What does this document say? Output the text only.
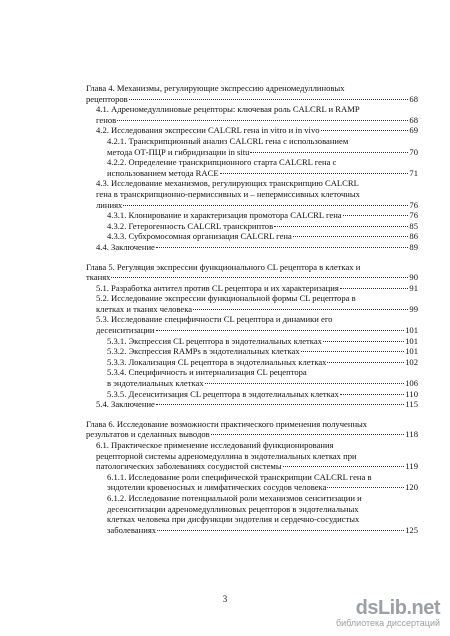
Глава 4. Механизмы, регулирующие экспрессию адреномедуллиновых
рецепторов	68
4.1. Адреномедуллиновые рецепторы: ключевая роль CALCRL и RAMP
генов	68
4.2. Исследования экспрессии CALCRL гена in vitro и in vivo	69
4.2.1. Транскрипционный анализ CALCRL гена с использованием
метода ОТ-ПЦР и гибридизации in situ	70
4.2.2. Определение транскрипционного старта CALCRL гена с
использованием метода RACE	71
4.3. Исследование механизмов, регулирующих транскрипцию CALCRL
гена в транскрипционно-пермиссивных и – непермиссивных клеточных
линиях	76
4.3.1. Клонирование и характеризация промотора CALCRL гена	76
4.3.2. Гетерогенность CALCRL транскриптов	85
4.3.3. Субхромосомная организация CALCRL гена	86
4.4. Заключение	89
Глава 5. Регуляция экспрессии функционального CL рецептора в клетках и
тканях	90
5.1. Разработка антител против CL рецептора и их характеризация	91
5.2. Исследование экспрессии функциональной формы CL рецептора в
клетках и тканях человека	99
5.3. Исследование специфичности CL рецептора и динамики его
десенситизации	101
5.3.1. Экспрессия CL рецептора в эндотелиальных клетках	101
5.3.2. Экспрессия RAMPs в эндотелиальных клетках	101
5.3.3. Локализация CL рецептора в эндотелиальных клетках	102
5.3.4. Специфичность и интернализация CL рецептора
в эндотелиальных клетках	106
5.3.5. Десенситизация CL рецептора в эндотелиальных клетках	110
5.4. Заключение	115
Глава 6. Исследование возможности практического применения полученных
результатов и сделанных выводов	118
6.1. Практическое применение исследований функционирования
рецепторной системы адреномедуллина в эндотелиальных клетках при
патологических заболеваниях сосудистой системы	119
6.1.1. Исследование роли специфической транскрипции CALCRL гена в
эндотелии кровеносных и лимфатических сосудов человека	120
6.1.2. Исследование потенциальной роли механизмов сенситизации и
десенситизации адреномедуллиновых рецепторов в эндотелиальных
клетках человека при дисфункции эндотелия и сердечно-сосудистых
заболеваниях	125
3	dsLib.net
библиотека диссертаций
